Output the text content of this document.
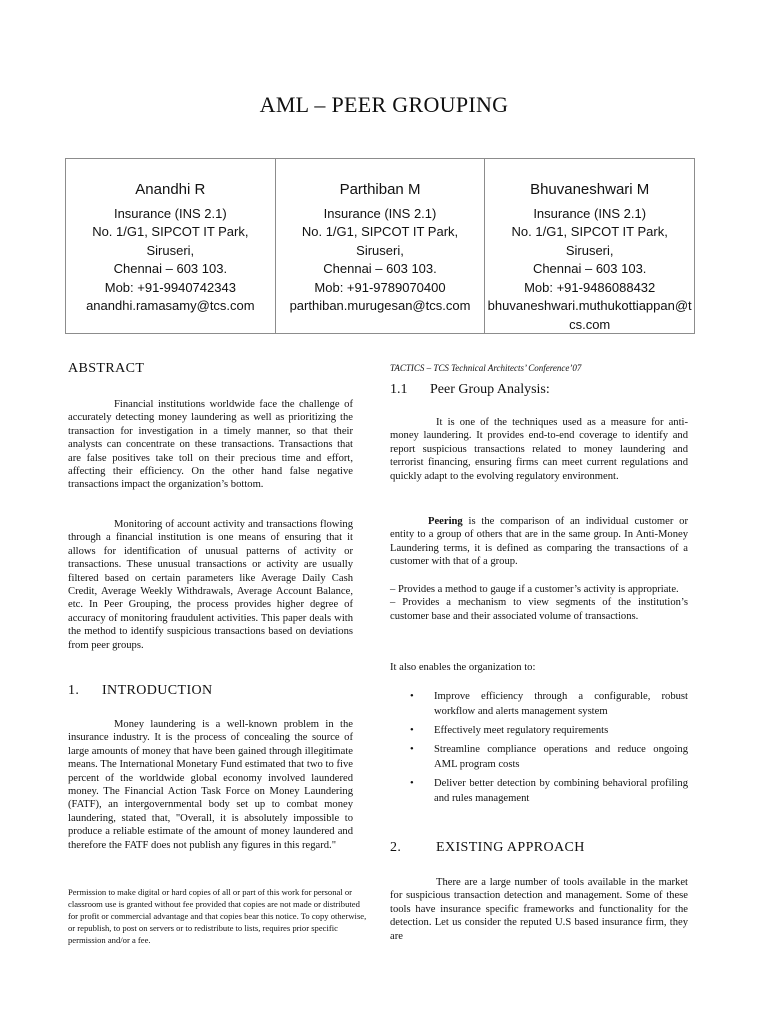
AML – PEER GROUPING
Anandhi R
Insurance (INS 2.1)
No. 1/G1, SIPCOT IT Park,
Siruseri,
Chennai – 603 103.
Mob: +91-9940742343
anandhi.ramasamy@tcs.com
Parthiban M
Insurance (INS 2.1)
No. 1/G1, SIPCOT IT Park,
Siruseri,
Chennai – 603 103.
Mob: +91-9789070400
parthiban.murugesan@tcs.com
Bhuvaneshwari M
Insurance (INS 2.1)
No. 1/G1, SIPCOT IT Park,
Siruseri,
Chennai – 603 103.
Mob: +91-9486088432
bhuvaneshwari.muthukottiappan@tcs.com
ABSTRACT

Financial institutions worldwide face the challenge of accurately detecting money laundering as well as prioritizing the transaction for investigation in a timely manner, so that their analysts can concentrate on these transactions. Transactions that are false positives take toll on their precious time and effort, affecting their efficiency. On the other hand false negative transactions impact the organization’s bottom.

Monitoring of account activity and transactions flowing through a financial institution is one means of ensuring that it allows for identification of unusual patterns of activity or transactions. These unusual transactions or activity are usually filtered based on certain parameters like Average Daily Cash Credit, Average Weekly Withdrawals, Average Account Balance, etc. In Peer Grouping, the process provides higher degree of accuracy of monitoring fraudulent activities. This paper deals with the method to identify suspicious transactions based on deviations from peer groups.

1. INTRODUCTION

Money laundering is a well-known problem in the insurance industry. It is the process of concealing the source of large amounts of money that have been gained through illegitimate means. The International Monetary Fund estimated that two to five percent of the worldwide global economy involved laundered money. The Financial Action Task Force on Money Laundering (FATF), an intergovernmental body set up to combat money laundering, stated that, "Overall, it is absolutely impossible to produce a reliable estimate of the amount of money laundered and therefore the FATF does not publish any figures in this regard."

Permission to make digital or hard copies of all or part of this work for personal or classroom use is granted without fee provided that copies are not made or distributed for profit or commercial advantage and that copies bear this notice. To copy otherwise, or republish, to post on servers or to redistribute to lists, requires prior specific permission and/or a fee.

TACTICS – TCS Technical Architects’ Conference’07
1.1 Peer Group Analysis:

It is one of the techniques used as a measure for anti-money laundering. It provides end-to-end coverage to identify and report suspicious transactions related to money laundering and terrorist financing, ensuring firms can meet current regulations and quickly adapt to the evolving regulatory environment.

Peering is the comparison of an individual customer or entity to a group of others that are in the same group. In Anti-Money Laundering terms, it is defined as comparing the transactions of a customer with that of a group.

– Provides a method to gauge if a customer’s activity is appropriate.

– Provides a mechanism to view segments of the institution’s customer base and their associated volume of transactions.

It also enables the organization to:

• Improve efficiency through a configurable, robust workflow and alerts management system
• Effectively meet regulatory requirements
• Streamline compliance operations and reduce ongoing AML program costs
• Deliver better detection by combining behavioral profiling and rules management
2. EXISTING APPROACH

There are a large number of tools available in the market for suspicious transaction detection and management. Some of these tools have insurance specific frameworks and functionality for the detection. Let us consider the reputed U.S based insurance firm, they are
